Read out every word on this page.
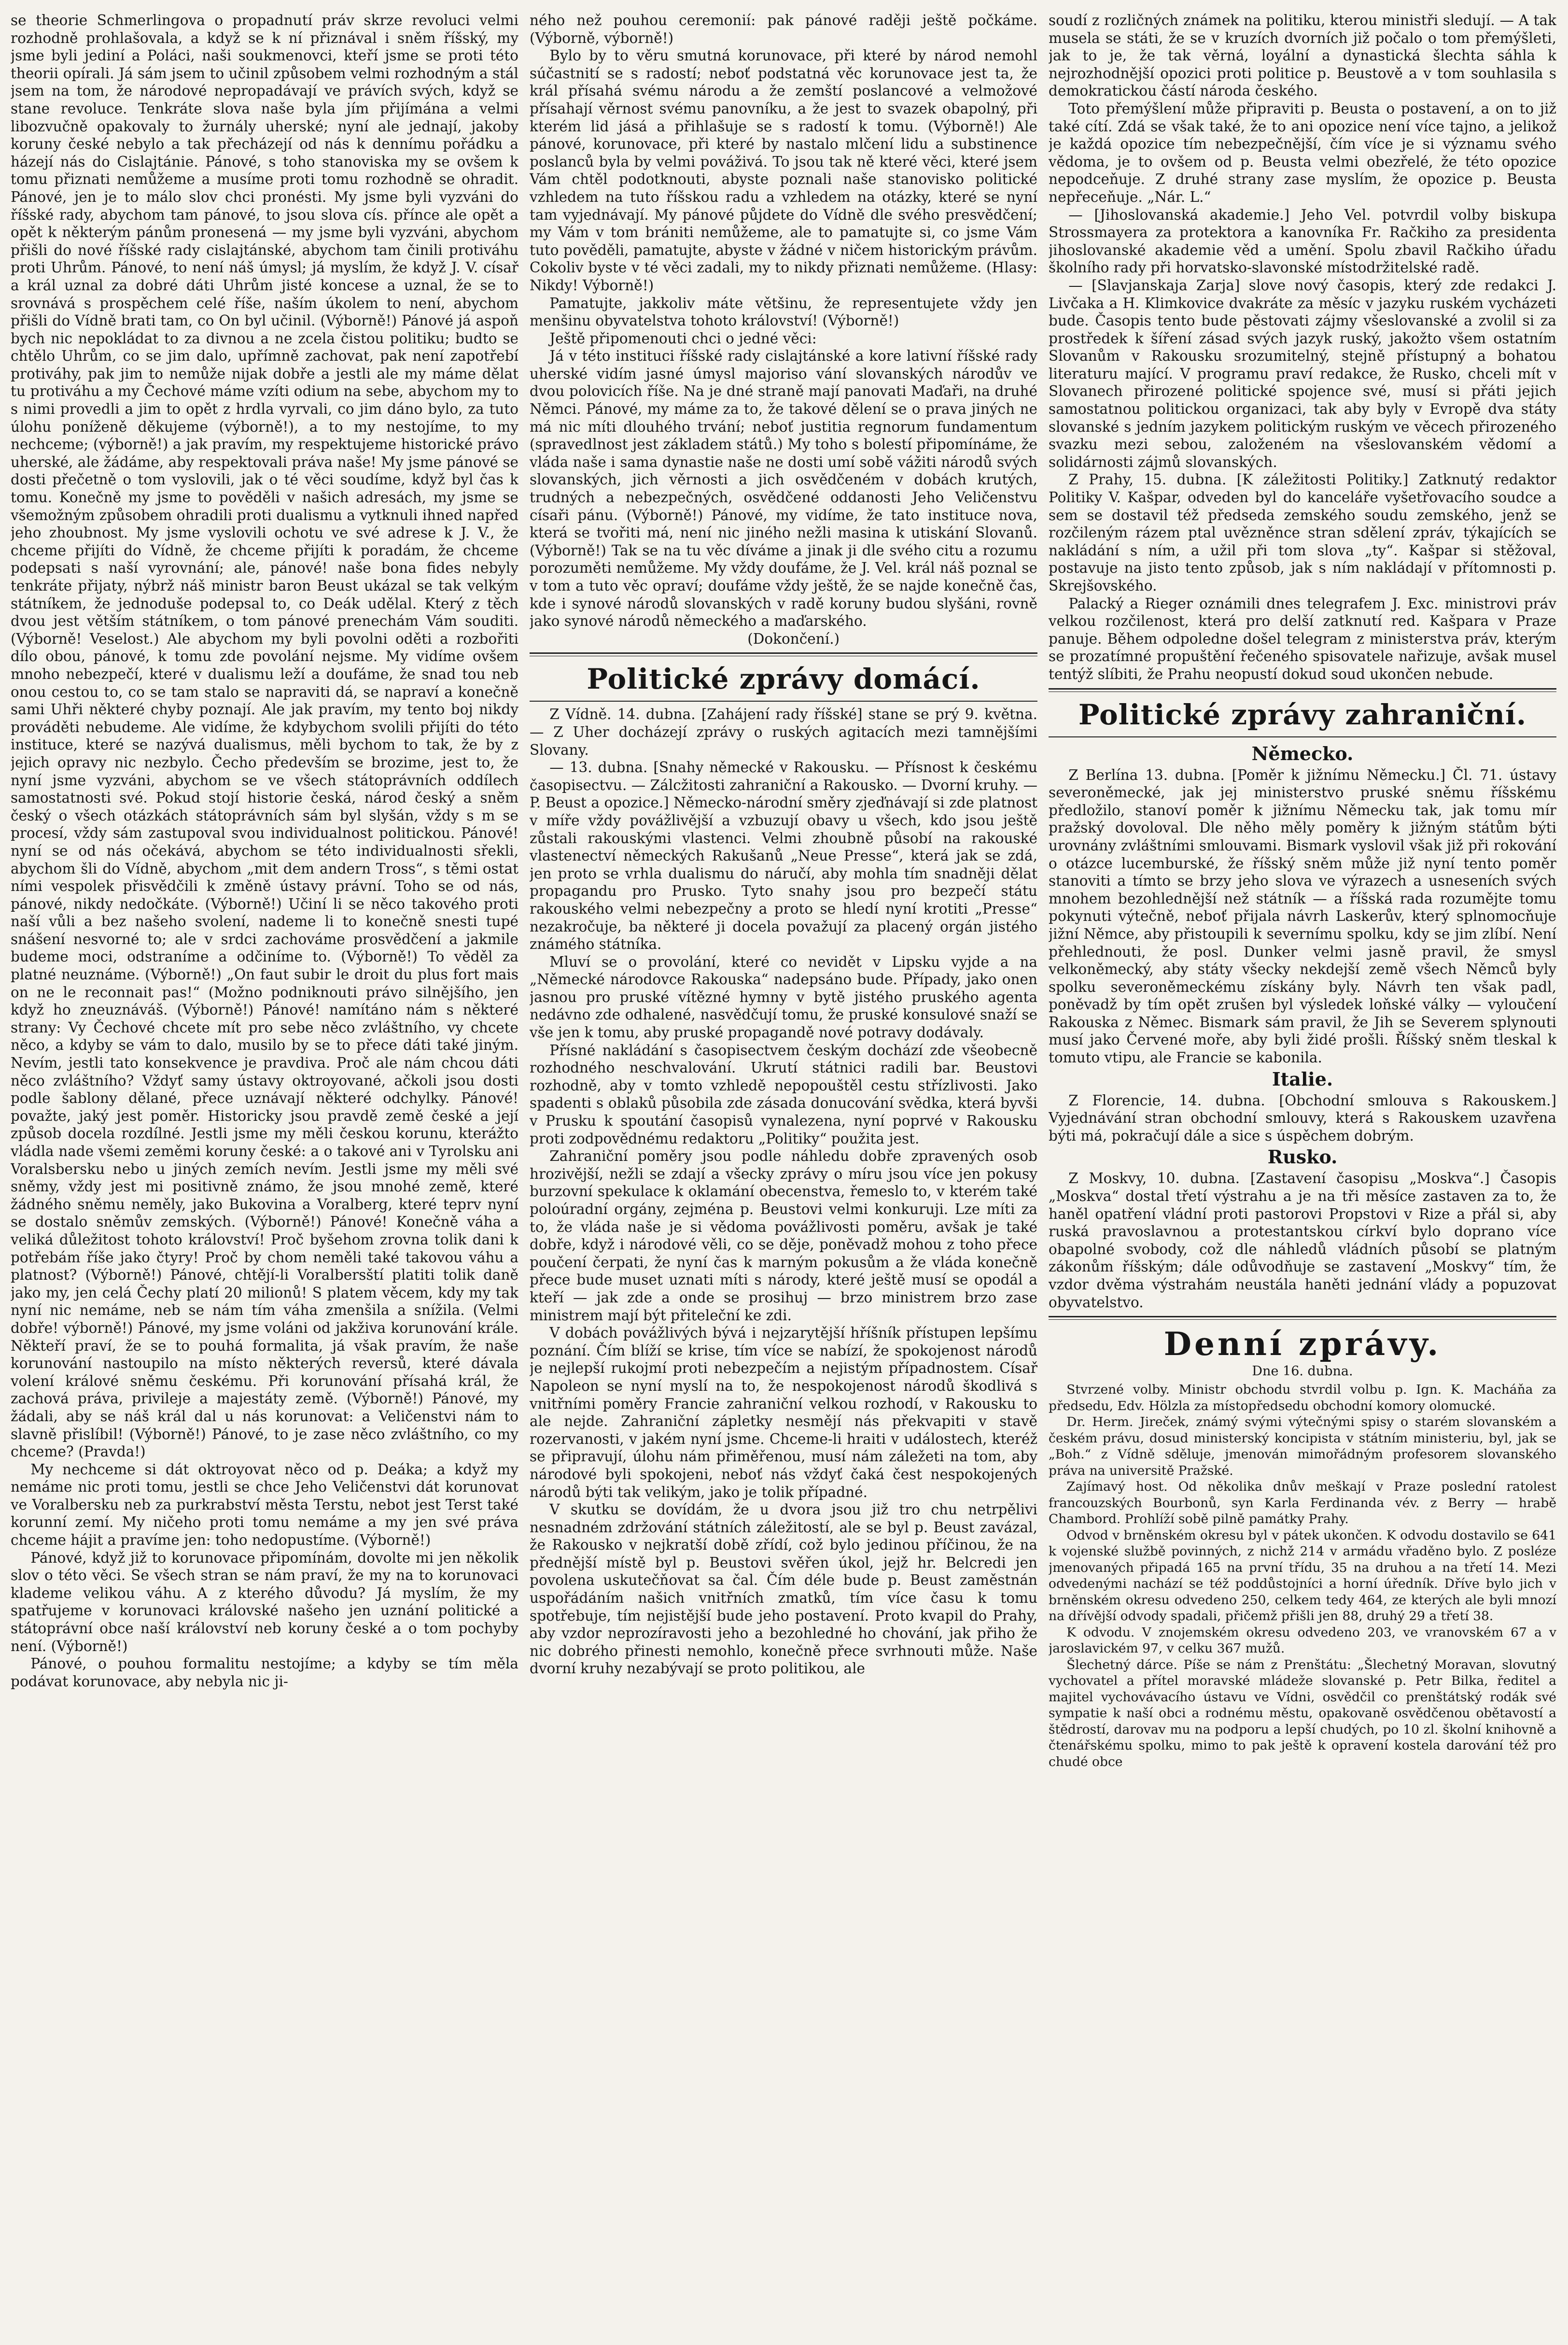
se theorie Schmerlingova o propadnutí práv skrze revoluci velmi rozhodně prohlašovala, a když se k ní přiznával i sněm říšský, my jsme byli jediní a Poláci, naši soukmenovci, kteří jsme se proti této theorii opírali. Já sám jsem to učinil způsobem velmi rozhodným a stál jsem na tom, že národové nepropadávají ve právích svých, když se stane revoluce. Tenkráte slova naše byla jím přijímána a velmi libozvučně opakovaly to žurnály uherské; nyní ale jednají, jakoby koruny české nebylo a tak přecházejí od nás k dennímu pořádku a házejí nás do Cislajtánie. Pánové, s toho stanoviska my se ovšem k tomu přiznati nemůžeme a musíme proti tomu rozhodně se ohradit. Pánové, jen je to málo slov chci pronésti. My jsme byli vyzváni do říšské rady, abychom tam pánové, to jsou slova cís. přínce ale opět a opět k některým pánům pronesená — my jsme byli vyzváni, abychom přišli do nové říšské rady cislajtánské, abychom tam činili protiváhu proti Uhrům. Pánové, to není náš úmysl; já myslím, že když J. V. císař a král uznal za dobré dáti Uhrům jisté koncese a uznal, že se to srovnává s prospěchem celé říše, naším úkolem to není, abychom přišli do Vídně brati tam, co On byl učinil. (Výborně!) Pánové já aspoň bych nic nepokládat to za divnou a ne zcela čistou politiku; budto se chtělo Uhrům, co se jim dalo, upřímně zachovat, pak není zapotřebí protiváhy, pak jim to nemůže nijak dobře a jestli ale my máme dělat tu protiváhu a my Čechové máme vzíti odium na sebe, abychom my to s nimi provedli a jim to opět z hrdla vyrvali, co jim dáno bylo, za tuto úlohu poníženě děkujeme (výborně!), a to my nestojíme, to my nechceme; (výborně!) a jak pravím, my respektujeme historické právo uherské, ale žádáme, aby respektovali práva naše! My jsme pánové se dosti přečetně o tom vyslovili, jak o té věci soudíme, když byl čas k tomu. Konečně my jsme to pověděli v našich adresách, my jsme se všemožným způsobem ohradili proti dualismu a vytknuli ihned napřed jeho zhoubnost. My jsme vyslovili ochotu ve své adrese k J. V., že chceme přijíti do Vídně, že chceme přijíti k poradám, že chceme podepsati s naší vyrovnání; ale, pánové! naše bona fides nebyly tenkráte přijaty, nýbrž náš ministr baron Beust ukázal se tak velkým státníkem, že jednoduše podepsal to, co Deák udělal. Který z těch dvou jest větším státníkem, o tom pánové prenechám Vám souditi. (Výborně! Veselost.) Ale abychom my byli povolni oděti a rozbořiti dílo obou, pánové, k tomu zde povolání nejsme. My vidíme ovšem mnoho nebezpečí, které v dualismu leží a doufáme, že snad tou neb onou cestou to, co se tam stalo se napraviti dá, se napraví a konečně sami Uhři některé chyby poznají. Ale jak pravím, my tento boj nikdy prováděti nebudeme. Ale vidíme, že kdybychom svolili přijíti do této instituce, které se nazývá dualismus, měli bychom to tak, že by z jejich opravy nic nezbylo. Čecho především se brozime, jest to, že nyní jsme vyzváni, abychom se ve všech státoprávních oddílech samostatnosti své. Pokud stojí historie česká, národ český a sněm český o všech otázkách státoprávních sám byl slyšán, vždy s m se procesí, vždy sám zastupoval svou individualnost politickou. Pánové! nyní se od nás očekává, abychom se této individualnosti sřekli, abychom šli do Vídně, abychom „mit dem andern Tross“, s těmi ostat ními vespolek přisvědčili k změně ústavy právní. Toho se od nás, pánové, nikdy nedočkáte. (Výborně!) Učiní li se něco takového proti naší vůli a bez našeho svolení, nademe li to konečně snesti tupé snášení nesvorné to; ale v srdci zachováme prosvědčení a jakmile budeme moci, odstraníme a odčiníme to. (Výborně!) To věděl za platné neuznáme. (Výborně!) „On faut subir le droit du plus fort mais on ne le reconnait pas!“ (Možno podniknouti právo silnějšího, jen když ho zneuznáváš. (Výborně!) Pánové! namítáno nám s některé strany: Vy Čechové chcete mít pro sebe něco zvláštního, vy chcete něco, a kdyby se vám to dalo, musilo by se to přece dáti také jiným. Nevím, jestli tato konsekvence je pravdiva. Proč ale nám chcou dáti něco zvláštního? Vždyť samy ústavy oktroyované, ačkoli jsou dosti podle šablony dělané, přece uznávají některé odchylky. Pánové! považte, jaký jest poměr. Historicky jsou pravdě země české a její způsob docela rozdílné. Jestli jsme my měli českou korunu, kterážto vládla nade všemi zeměmi koruny české: a o takové ani v Tyrolsku ani Voralsbersku nebo u jiných zemích nevím. Jestli jsme my měli své sněmy, vždy jest mi positivně známo, že jsou mnohé země, které žádného sněmu neměly, jako Bukovina a Voralberg, které teprv nyní se dostalo sněmův zemských. (Výborně!) Pánové! Konečně váha a veliká důležitost tohoto království! Proč byšehom zrovna tolik dani k potřebám říše jako čtyry! Proč by chom neměli také takovou váhu a platnost? (Výborně!) Pánové, chtějí-li Voralbersští platiti tolik daně jako my, jen celá Čechy platí 20 milionů! S platem věcem, kdy my tak nyní nic nemáme, neb se nám tím váha zmenšila a snížila. (Velmi dobře! výborně!) Pánové, my jsme voláni od jakživa korunování krále. Někteří praví, že se to pouhá formalita, já však pravím, že naše korunování nastoupilo na místo některých reversů, které dávala volení králové sněmu českému. Při korunování přísahá král, že zachová práva, privileje a majestáty země. (Výborně!) Pánové, my žádali, aby se náš král dal u nás korunovat: a Veličenstvi nám to slavně přislíbil! (Výborně!) Pánové, to je zase něco zvláštního, co my chceme? (Pravda!)

My nechceme si dát oktroyovat něco od p. Deáka; a když my nemáme nic proti tomu, jestli se chce Jeho Veličenstvi dát korunovat ve Voralbersku neb za purkrabství města Terstu, nebot jest Terst také korunní zemí. My ničeho proti tomu nemáme a my jen své práva chceme hájit a pravíme jen: toho nedopustíme. (Výborně!)

Pánové, když již to korunovace připomínám, dovolte mi jen několik slov o této věci. Se všech stran se nám praví, že my na to korunovaci klademe velikou váhu. A z kterého důvodu? Já myslím, že my spatřujeme v korunovaci královské našeho jen uznání politické a státoprávní obce naší království neb koruny české a o tom pochyby není. (Výborně!)

Pánové, o pouhou formalitu nestojíme; a kdyby se tím měla podávat korunovace, aby nebyla nic ji-

ného než pouhou ceremonií: pak pánové raději ještě počkáme. (Výborně, výborně!)

Bylo by to věru smutná korunovace, při které by národ nemohl súčastnití se s radostí; neboť podstatná věc korunovace jest ta, že král přísahá svému národu a že zemští poslancové a velmožové přísahají věrnost svému panovníku, a že jest to svazek obapolný, při kterém lid jásá a přihlašuje se s radostí k tomu. (Výborně!) Ale pánové, korunovace, při které by nastalo mlčení lidu a substinence poslanců byla by velmi pováživá. To jsou tak ně které věci, které jsem Vám chtěl podotknouti, abyste poznali naše stanovisko politické vzhledem na tuto říšskou radu a vzhledem na otázky, které se nyní tam vyjednávají. My pánové půjdete do Vídně dle svého presvědčení; my Vám v tom brániti nemůžeme, ale to pamatujte si, co jsme Vám tuto pověděli, pamatujte, abyste v žádné v ničem historickým právům. Cokoliv byste v té věci zadali, my to nikdy přiznati nemůžeme. (Hlasy: Nikdy! Výborně!)

Pamatujte, jakkoliv máte většinu, že representujete vždy jen menšinu obyvatelstva tohoto království! (Výborně!)

Ještě připomenouti chci o jedné věci:

Já v této instituci říšské rady cislajtánské a kore lativní říšské rady uherské vidím jasné úmysl majoriso vání slovanských národův ve dvou polovicích říše. Na je dné straně mají panovati Maďaři, na druhé Němci. Pánové, my máme za to, že takové dělení se o prava jiných ne má nic míti dlouhého trvání; neboť justitia regnorum fundamentum (spravedlnost jest základem států.) My toho s bolestí připomínáme, že vláda naše i sama dynastie naše ne dosti umí sobě vážiti národů svých slovanských, jich věrnosti a jich osvědčeném v dobách krutých, trudných a nebezpečných, osvědčené oddanosti Jeho Veličenstvu císaři pánu. (Výborně!) Pánové, my vidíme, že tato instituce nova, která se tvořiti má, není nic jiného nežli masina k utiskání Slovanů. (Výborně!) Tak se na tu věc díváme a jinak ji dle svého citu a rozumu porozuměti nemůžeme. My vždy doufáme, že J. Vel. král náš poznal se v tom a tuto věc opraví; doufáme vždy ještě, že se najde konečně čas, kde i synové národů slovanských v radě koruny budou slyšáni, rovně jako synové národů německého a maďarského.

(Dokončení.)

Politické zprávy domácí.

Z Vídně. 14. dubna. [Zahájení rady říšské] stane se prý 9. května. — Z Uher docházejí zprávy o ruských agitacích mezi tamnějšími Slovany.

— 13. dubna. [Snahy německé v Rakousku. — Přísnost k českému časopisectvu. — Zálcžitosti zahraniční a Rakousko. — Dvorní kruhy. — P. Beust a opozice.] Německo-národní směry zjeďnávají si zde platnost v míře vždy povážlivější a vzbuzují obavy u všech, kdo jsou ještě zůstali rakouskými vlastenci. Velmi zhoubně působí na rakouské vlastenectví německých Rakušanů „Neue Presse“, která jak se zdá, jen proto se vrhla dualismu do náručí, aby mohla tím snadněji dělat propagandu pro Prusko. Tyto snahy jsou pro bezpečí státu rakouského velmi nebezpečny a proto se hledí nyní krotiti „Presse“ nezakročuje, ba některé ji docela považují za placený orgán jistého známého státníka.

Mluví se o provolání, které co nevidět v Lipsku vyjde a na „Německé národovce Rakouska“ nadepsáno bude. Případy, jako onen jasnou pro pruské vítězné hymny v bytě jistého pruského agenta nedávno zde odhalené, nasvědčují tomu, že pruské konsulové snaží se vše jen k tomu, aby pruské propagandě nové potravy dodávaly.

Přísné nakládání s časopisectvem českým dochází zde všeobecně rozhodného neschvalování. Ukrutí státnici radili bar. Beustovi rozhodně, aby v tomto vzhledě nepopouštěl cestu střízlivosti. Jako spadenti s oblaků působila zde zásada donucování svědka, která byvši v Prusku k spoutání časopisů vynalezena, nyní poprvé v Rakousku proti zodpovědnému redaktoru „Politiky“ použita jest.

Zahraniční poměry jsou podle náhledu dobře zpravených osob hrozivější, nežli se zdají a všecky zprávy o míru jsou více jen pokusy burzovní spekulace k oklamání obecenstva, řemeslo to, v kterém také poloúradní orgány, zejména p. Beustovi velmi konkuruji. Lze míti za to, že vláda naše je si vědoma povážlivosti poměru, avšak je také dobře, když i národové věli, co se děje, poněvadž mohou z toho přece poučení čerpati, že nyní čas k marným pokusům a že vláda konečně přece bude muset uznati míti s národy, které ještě musí se opodál a kteří — jak zde a onde se prosihuj — brzo ministrem brzo zase ministrem mají být přiteleční ke zdi.

V dobách povážlivých bývá i nejzarytější hříšník přístupen lepšímu poznání. Čím blíží se krise, tím více se nabízí, že spokojenost národů je nejlepší rukojmí proti nebezpečím a nejistým případnostem. Císař Napoleon se nyní myslí na to, že nespokojenost národů škodlivá s vnitřními poměry Francie zahraniční velkou rozhodí, v Rakousku to ale nejde. Zahraniční zápletky nesmějí nás překvapiti v stavě rozervanosti, v jakém nyní jsme. Chceme-li hraiti v událostech, kteréž se připravují, úlohu nám přiměřenou, musí nám záležeti na tom, aby národové byli spokojeni, neboť nás vždyť čaká čest nespokojených národů býti tak velikým, jako je tolik případné.

V skutku se dovídám, že u dvora jsou již tro chu netrpělivi nesnadném zdržování státních záležitostí, ale se byl p. Beust zavázal, že Rakousko v nejkratší době zřídí, což bylo jedinou příčinou, že na přednější místě byl p. Beustovi svěřen úkol, jejž hr. Belcredi jen povolena uskutečňovat sa čal. Čím déle bude p. Beust zaměstnán uspořádáním našich vnitřních zmatků, tím více času k tomu spotřebuje, tím nejistější bude jeho postavení. Proto kvapil do Prahy, aby vzdor neprozíravosti jeho a bezohledné ho chování, jak přiho že nic dobrého přinesti nemohlo, konečně přece svrhnouti může. Naše dvorní kruhy nezabývají se proto politikou, ale

soudí z rozličných známek na politiku, kterou ministři sledují. — A tak musela se státi, že se v kruzích dvorních již počalo o tom přemýšleti, jak to je, že tak věrná, loyální a dynastická šlechta sáhla k nejrozhodnější opozici proti politice p. Beustově a v tom souhlasila s demokratickou částí národa českého.

Toto přemýšlení může připraviti p. Beusta o postavení, a on to již také cítí. Zdá se však také, že to ani opozice není více tajno, a jelikož je každá opozice tím nebezpečnější, čím více je si významu svého vědoma, je to ovšem od p. Beusta velmi obezřelé, že této opozice nepodceňuje. Z druhé strany zase myslím, že opozice p. Beusta nepřeceňuje. „Nár. L.“

— [Jihoslovanská akademie.] Jeho Vel. potvrdil volby biskupa Strossmayera za protektora a kanovníka Fr. Račkiho za presidenta jihoslovanské akademie věd a umění. Spolu zbavil Račkiho úřadu školního rady při horvatsko-slavonské místodržitelské radě.

— [Slavjanskaja Zarja] slove nový časopis, který zde redakci J. Livčaka a H. Klimkovice dvakráte za měsíc v jazyku ruském vycházeti bude. Časopis tento bude pěstovati zájmy všeslovanské a zvolil si za prostředek k šíření zásad svých jazyk ruský, jakožto všem ostatním Slovanům v Rakousku srozumitelný, stejně přístupný a bohatou literaturu mající. V programu praví redakce, že Rusko, chceli mít v Slovanech přirozené politické spojence své, musí si přáti jejich samostatnou politickou organizaci, tak aby byly v Evropě dva státy slovanské s jedním jazykem politickým ruským ve věcech přirozeného svazku mezi sebou, založeném na všeslovanském vědomí a solidárnosti zájmů slovanských.

Z Prahy, 15. dubna. [K záležitosti Politiky.] Zatknutý redaktor Politiky V. Kašpar, odveden byl do kanceláře vyšetřovacího soudce a sem se dostavil též předseda zemského soudu zemského, jenž se rozčileným rázem ptal uvězněnce stran sdělení zpráv, týkajících se nakládání s ním, a užil při tom slova „ty“. Kašpar si stěžoval, postavuje na jisto tento způsob, jak s ním nakládají v přítomnosti p. Skrejšovského.

Palacký a Rieger oznámili dnes telegrafem J. Exc. ministrovi práv velkou rozčilenost, která pro delší zatknutí red. Kašpara v Praze panuje. Během odpoledne došel telegram z ministerstva práv, kterým se prozatímné propuštění řečeného spisovatele nařizuje, avšak musel tentýž slíbiti, že Prahu neopustí dokud soud ukončen nebude.

Politické zprávy zahraniční.
Německo.

Z Berlína 13. dubna. [Poměr k jižnímu Německu.] Čl. 71. ústavy severoněmecké, jak jej ministerstvo pruské sněmu říšskému předložilo, stanoví poměr k jižnímu Německu tak, jak tomu mír pražský dovoloval. Dle něho měly poměry k jižným státům býti urovnány zvláštními smlouvami. Bismark vyslovil však již při rokování o otázce lucemburské, že říšský sněm může již nyní tento poměr stanoviti a tímto se brzy jeho slova ve výrazech a usneseních svých mnohem bezohlednější než státník — a říšská rada rozumějte tomu pokynuti výtečně, neboť přijala návrh Laskerův, který splnomocňuje jižní Němce, aby přistoupili k severnímu spolku, kdy se jim zlíbí. Není přehlednouti, že posl. Dunker velmi jasně pravil, že smysl velkoněmecký, aby státy všecky nekdejší země všech Němců byly spolku severoněmeckému získány byly. Návrh ten však padl, poněvadž by tím opět zrušen byl výsledek loňské války — vyloučení Rakouska z Němec. Bismark sám pravil, že Jih se Severem splynouti musí jako Červené moře, aby byli židé prošli. Říšský sněm tleskal k tomuto vtipu, ale Francie se kabonila.

Italie.

Z Florencie, 14. dubna. [Obchodní smlouva s Rakouskem.] Vyjednávání stran obchodní smlouvy, která s Rakouskem uzavřena býti má, pokračují dále a sice s úspěchem dobrým.

Rusko.

Z Moskvy, 10. dubna. [Zastavení časopisu „Moskva“.] Časopis „Moskva“ dostal třetí výstrahu a je na tři měsíce zastaven za to, že haněl opatření vládní proti pastorovi Propstovi v Rize a přál si, aby ruská pravoslavnou a protestantskou církví bylo doprano více obapolné svobody, což dle náhledů vládních působí se platným zákonům říšským; dále odůvodňuje se zastavení „Moskvy“ tím, že vzdor dvěma výstrahám neustála haněti jednání vlády a popuzovat obyvatelstvo.

Denní zprávy.
Dne 16. dubna.

Stvrzené volby. Ministr obchodu stvrdil volbu p. Ign. K. Macháňa za předsedu, Edv. Hölzla za místopředsedu obchodní komory olomucké.

Dr. Herm. Jireček, známý svými výtečnými spisy o starém slovanském a českém právu, dosud ministerský koncipista v státním ministeriu, byl, jak se „Boh.“ z Vídně sděluje, jmenován mimořádným profesorem slovanského práva na universitě Pražské.

Zajímavý host. Od několika dnův meškají v Praze poslední ratolest francouzských Bourbonů, syn Karla Ferdinanda vév. z Berry — hrabě Chambord. Prohlíží sobě pilně památky Prahy.

Odvod v brněnském okresu byl v pátek ukončen. K odvodu dostavilo se 641 k vojenské službě povinných, z nichž 214 v armádu vřaděno bylo. Z posléze jmenovaných připadá 165 na první třídu, 35 na druhou a na třetí 14. Mezi odvedenými nachází se též poddůstojníci a horní úředník. Dříve bylo jich v brněnském okresu odvedeno 250, celkem tedy 464, ze kterých ale byli mnozí na dřívější odvody spadali, přičemž přišli jen 88, druhý 29 a třetí 38.

K odvodu. V znojemském okresu odvedeno 203, ve vranovském 67 a v jaroslavickém 97, v celku 367 mužů.

Šlechetný dárce. Píše se nám z Prenštátu: „Šlechetný Moravan, slovutný vychovatel a přítel moravské mládeže slovanské p. Petr Bilka, ředitel a majitel vychovávacího ústavu ve Vídni, osvědčil co prenštátský rodák své sympatie k naší obci a rodnému městu, opakovaně osvědčenou obětavostí a štědrostí, darovav mu na podporu a lepší chudých, po 10 zl. školní knihovně a čtenářskému spolku, mimo to pak ještě k opravení kostela darování též pro chudé obce
